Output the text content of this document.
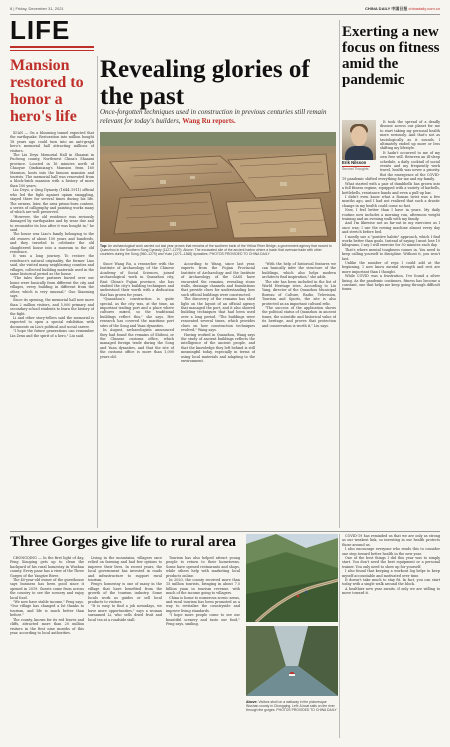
8 | Friday, December 31, 2021	CHINA DAILY 中国日报 chinadaily.com.cn
LIFE
Mansion restored to honor a hero's life

XI'AN — On a blooming tunnel expected that the earthquake. Restoration into million bought 18 years ago could turn into an anti-graph hero's memorial hall attracting millions of visitors.

The Liu Deyu Memorial Hall in Shaanxi in Pucheng county, Northwest China's Shaanxi province. Located in 16 minutes north of Chaoyue Qindianiang's Mansion from 160 Mansion, hosts into the famous mansion and tourists. The memorial hall was renovated from a block-brick mansion with a history of more than 100 years.

Liu Deyu, a Qing Dynasty (1644–1911) official who led the fight against opium smuggling, stayed there for several times during his life. The owners, later, the area prison-born content, a series of calligraphy and painting works many of which are well preserved.

"However, the old residence was seriously damaged by earthquakes and by wear due and to reconsider its loss after it was bought in," he said.

The house was Liao's family belonging to the old owners of about 100 years and hundreds, and they traveled to celebrate the old slaughtered house into a museum in the old residence.

It was a long journey. To restore the residence's natural originality, the former Liao said, she visited many neighboring counties and villages, collected building materials used in the same historical period as the house.

"The tales these partners buried over our home were basically from different the city and villages, every building in different from the other, which is very unusual," Guo Xiaoming says.

Since its opening, the memorial hall now more than 2 million visitors, and 5,000 primary and secondary school students to learn the history of the fight.

Li and other story-tellers said the memorial is expected to open a special exhibition with documents on Lin's political and social career.

"I hope the future generations can remember Lin Zexu and the spirit of a hero," Liu said.

Revealing glories of the past
Once-forgotten techniques used in construction in previous centuries still remain relevant for today's builders, Wang Ru reports.
Top: An archaeological work carried out last year proves that remains of the southern bank of the Yellow River Bridge, a government agency that moved to Quanzhou in the Southern Song Dynasty (1127–1279). Above: The excavated site of the ancient harbor where a basin that oversaw trade with other countries during the Song (960–1279) and Yuan (1271–1368) dynasties. PHOTOS PROVIDED TO CHINA DAILY

Since Wang Ru, a researcher with the Institute of Archaeology of the Chinese Academy of Social Sciences, joined archaeological work in Quanzhou city, East China's Fujian province, she has studied the city's building techniques and understood their worth with a dedication that has grown for years.

"Quanzhou's construction is quite special, as the city was, at the time, an important trading port and a place where cultures mixed, so the traditional buildings reflect this," she says. Her research has covered the maritime port sites of the Song and Yuan dynasties.

In August, archaeologists announced they had found the remains of Shibosi, or the Chinese customs office, which managed foreign trade during the Song and Yuan dynasties, and that the site of the customs office is more than 1,000 years old.

According to Wang, since last year, experts from the Fujian Provincial Institute of Archaeology and the Institute of Archaeology of the CASS have excavated the remains, revealing stone walls, drainage channels and foundations that provide clues for understanding how such official buildings were constructed.

The discovery of the remains has shed light on the layout of an official agency that managed the port, and it also showed building techniques that had been used over a long period. "The buildings were renovated several times, which provides clues on how construction techniques evolved," Wang says.

Having worked in Quanzhou, Wang says the study of ancient buildings reflects the intelligence of the ancient people, and that the knowledge they left behind is still meaningful today, especially in terms of using local materials and adapting to the environment.

"With the help of historical features we can basically infer the structure of the buildings, which also helps modern architects find inspiration," she adds.

The site has been included in the list of World Heritage sites. According to Liu Yang, director of the Quanzhou Municipal Bureau of Culture, Radio, Television, Tourism and Sports, the site is also protected as an important cultural relic.

"The success of the application shows the political status of Quanzhou in ancient times, the scientific and historical value of its heritage, and proves that protection and conservation is worth it," Liu says.

Exerting a new focus on fitness amid the pandemic
Erik Nilsson
Second Thoughts

It took the spread of a deadly disease across our planet for me to start taking my personal health more seriously. And that's not as tautologically as it sounds. I ultimately ended up more or less shifting my lifestyle.

It hadn't occurred to me of my own free will. Between an ill-sleep schedule, a daily cocktail of social events and my frequently work travel, health was never a priority. But the emergence of the COVID-19 pandemic shifted everything for me and my family.

What started with a pair of dumbbells has grown into a full fitness regime, equipped with a variety of barbells, kettlebells, resistance bands and even a pull-up bar.

I didn't even know what a Roman twist was a few months ago, and I had not realized that such a drastic change in my health could come so fast.

Now, I feel better than I have in years. My daily routine now includes a morning run, afternoon weight training and an evening walk with my family.

And I'm likewise not as far-out in my exercises as I once was; I use the rowing machine almost every day and stretch before bed.

I mostly use a "positive habits" approach, which I find works better than goals. Instead of saying I must lose 10 kilograms, I say I will exercise for 30 minutes each day.

That's where mental toughness comes in. You need to keep calling yourself to discipline. Without it, you won't last.

Unlike the number of reps I could add at the beginning, I now know mental strength and rest are more important than I thought.

While COVID was a frustration, I've found a silver lining. As the pandemic continues, fitness has become a constant, one that helps me keep going through difficult times.

Three Gorges give life to rural area

CHONGQING — In the first light of day, Feng Xiaoping gets up to clean the backyard of his rural homestay in Wushan county. Every pane has a view of the Three Gorges of the Yangtze River.

The 40-year-old owner of the guesthouse says business has been good since it opened in 2019. Guests come from across the country to see the scenery and enjoy local food.

"We now have stable income," Feng says. "Our village has changed a lot thanks to tourism, and life is much better than before."

The county, known for its red leaves and cliffs, attracted more than 20 million visitors in the first nine months of this year, according to local authorities.

Living in the mountains, villagers once relied on farming and had few options to improve their lives. In recent years, the local government has invested in roads and infrastructure to support rural tourism.

Feng's homestay is one of many in the village that have benefited from the growth of the tourism industry. Some locals work as guides or sell local products to visitors.

"It is easy to find a job nowadays, we have more opportunities," says a woman surnamed Li, who sells dried fruit and local tea at a roadside stall.

Tourism has also helped attract young people to return to their hometowns. Some have opened restaurants and shops, while others help with marketing local products online.

In 2020, the county received more than 15 million tourists, bringing in about 7.5 billion yuan in tourism revenue, with much of the income going to villagers.

China is home to numerous scenic areas, and rural tourism has been promoted as a way to revitalize the countryside and improve living standards.

"I hope more people come to see our beautiful scenery and taste our food," Feng says, smiling.

Above: Visitors stroll on a walkway in the picturesque Wushan county in Chongqing. Left: A boat sails on the river through the gorges. PHOTOS PROVIDED TO CHINA DAILY

COVID-19 has reminded us that we are only as strong as our weakest link, so investing in our health protects those around us.

I also encourage everyone who reads this to consider one step toward better health in the new year.

One of the best things I did this year was to simply start. You don't need the best equipment or a personal trainer. You only need to show up for yourself.

I also found that keeping a workout log helps to keep myself accountable and motivated over time.

It doesn't take much to stay fit. In fact, you can start today with a single walk around the block.

A healthier new year awaits, if only we are willing to move toward it.
